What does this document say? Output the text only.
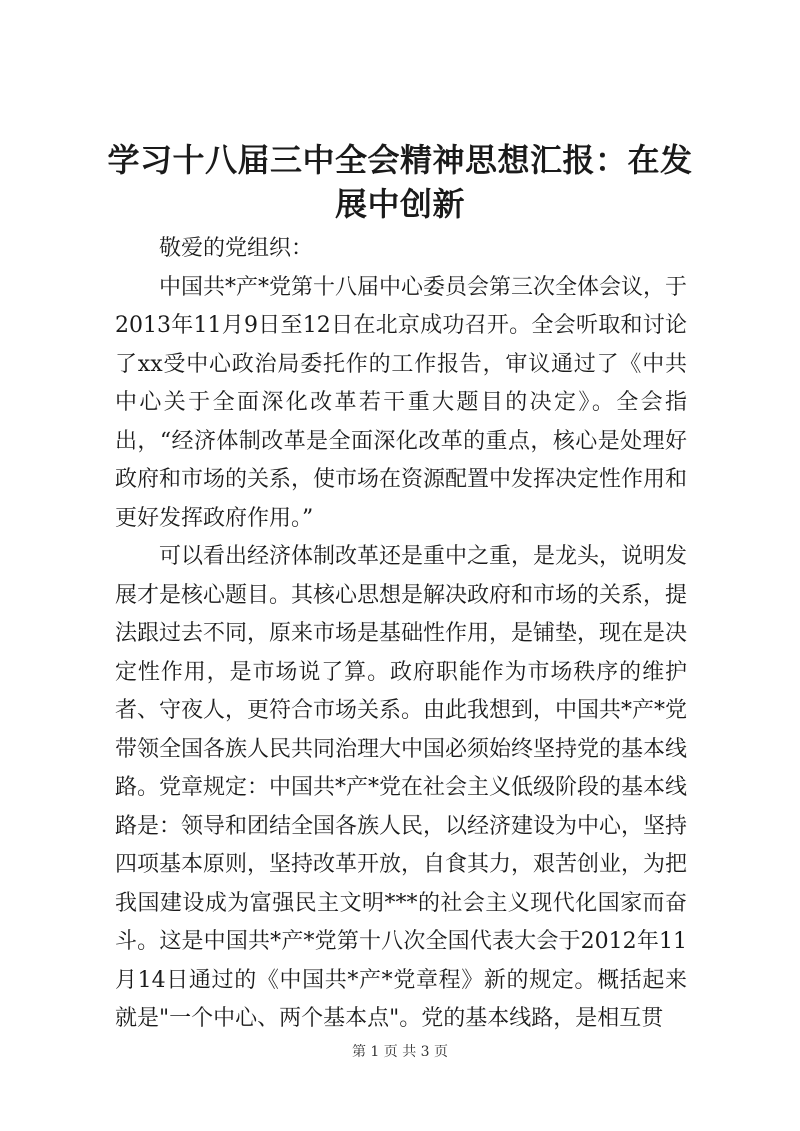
学习十八届三中全会精神思想汇报：在发展中创新

敬爱的党组织：

中国共*产*党第十八届中心委员会第三次全体会议，于2013年11月9日至12日在北京成功召开。全会听取和讨论了xx受中心政治局委托作的工作报告，审议通过了《中共中心关于全面深化改革若干重大题目的决定》。全会指出，“经济体制改革是全面深化改革的重点，核心是处理好政府和市场的关系，使市场在资源配置中发挥决定性作用和更好发挥政府作用。”

可以看出经济体制改革还是重中之重，是龙头，说明发展才是核心题目。其核心思想是解决政府和市场的关系，提法跟过去不同，原来市场是基础性作用，是铺垫，现在是决定性作用，是市场说了算。政府职能作为市场秩序的维护者、守夜人，更符合市场关系。由此我想到，中国共*产*党带领全国各族人民共同治理大中国必须始终坚持党的基本线路。党章规定：中国共*产*党在社会主义低级阶段的基本线路是：领导和团结全国各族人民，以经济建设为中心，坚持四项基本原则，坚持改革开放，自食其力，艰苦创业，为把我国建设成为富强民主文明***的社会主义现代化国家而奋斗。这是中国共*产*党第十八次全国代表大会于2012年11月14日通过的《中国共*产*党章程》新的规定。概括起来就是"一个中心、两个基本点"。党的基本线路，是相互贯

第 1 页 共 3 页
